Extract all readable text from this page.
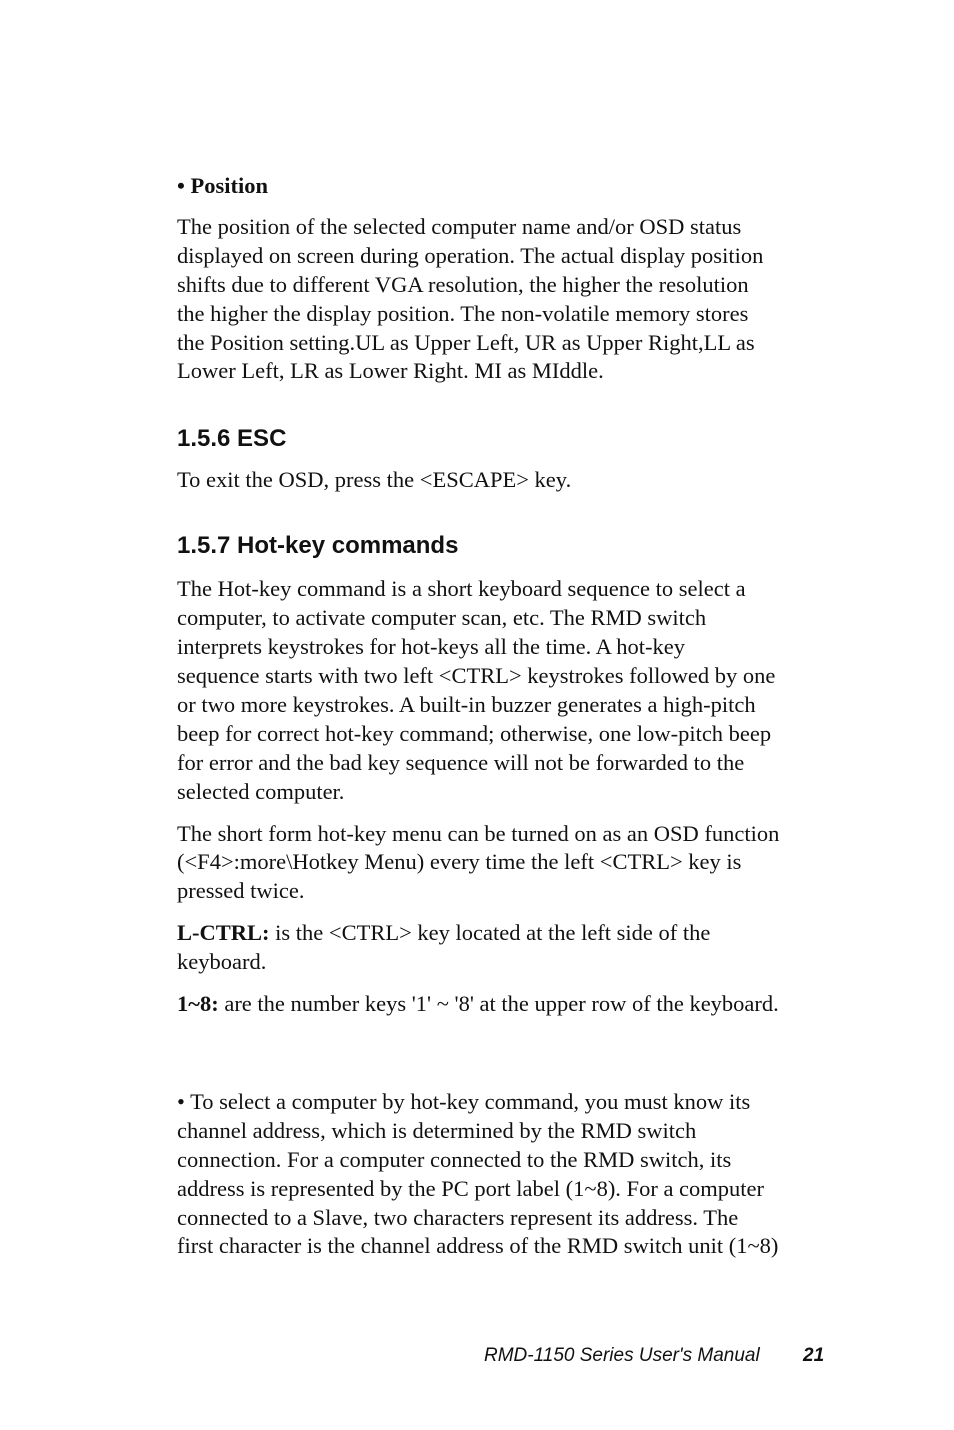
• Position

The position of the selected computer name and/or OSD status
displayed on screen during operation. The actual display position
shifts due to different VGA resolution, the higher the resolution
the higher the display position. The non-volatile memory stores
the Position setting.UL as Upper Left, UR as Upper Right,LL as
Lower Left, LR as Lower Right. MI as MIddle.

1.5.6 ESC

To exit the OSD, press the <ESCAPE> key.

1.5.7 Hot-key commands

The Hot-key command is a short keyboard sequence to select a
computer, to activate computer scan, etc. The RMD switch
interprets keystrokes for hot-keys all the time. A hot-key
sequence starts with two left <CTRL> keystrokes followed by one
or two more keystrokes. A built-in buzzer generates a high-pitch
beep for correct hot-key command; otherwise, one low-pitch beep
for error and the bad key sequence will not be forwarded to the
selected computer.

The short form hot-key menu can be turned on as an OSD function
(<F4>:more\Hotkey Menu) every time the left <CTRL> key is
pressed twice.

L-CTRL: is the <CTRL> key located at the left side of the
keyboard.

1~8: are the number keys '1' ~ '8' at the upper row of the keyboard.

• To select a computer by hot-key command, you must know its
channel address, which is determined by the RMD switch
connection. For a computer connected to the RMD switch, its
address is represented by the PC port label (1~8). For a computer
connected to a Slave, two characters represent its address. The
first character is the channel address of the RMD switch unit (1~8)

RMD-1150 Series User's Manual 21
